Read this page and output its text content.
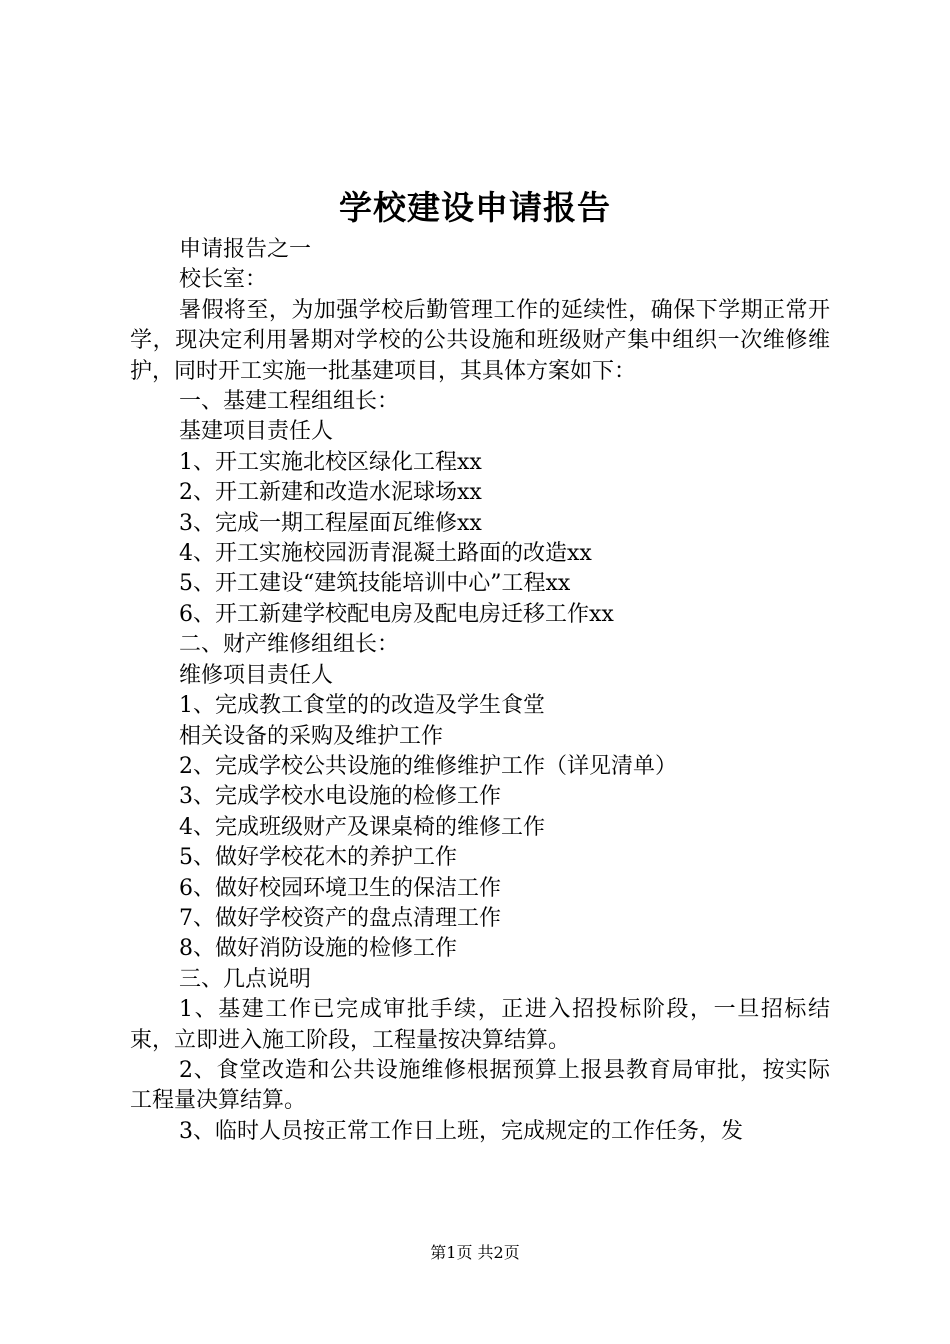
学校建设申请报告

申请报告之一

校长室：

暑假将至，为加强学校后勤管理工作的延续性，确保下学期正常开学，现决定利用暑期对学校的公共设施和班级财产集中组织一次维修维护，同时开工实施一批基建项目，其具体方案如下：

一、基建工程组组长：

基建项目责任人

1、开工实施北校区绿化工程xx

2、开工新建和改造水泥球场xx

3、完成一期工程屋面瓦维修xx

4、开工实施校园沥青混凝土路面的改造xx

5、开工建设“建筑技能培训中心”工程xx

6、开工新建学校配电房及配电房迁移工作xx

二、财产维修组组长：

维修项目责任人

1、完成教工食堂的的改造及学生食堂

相关设备的采购及维护工作

2、完成学校公共设施的维修维护工作（详见清单）

3、完成学校水电设施的检修工作

4、完成班级财产及课桌椅的维修工作

5、做好学校花木的养护工作

6、做好校园环境卫生的保洁工作

7、做好学校资产的盘点清理工作

8、做好消防设施的检修工作

三、几点说明

1、基建工作已完成审批手续，正进入招投标阶段，一旦招标结束，立即进入施工阶段，工程量按决算结算。

2、食堂改造和公共设施维修根据预算上报县教育局审批，按实际工程量决算结算。

3、临时人员按正常工作日上班，完成规定的工作任务，发

第1页 共2页
